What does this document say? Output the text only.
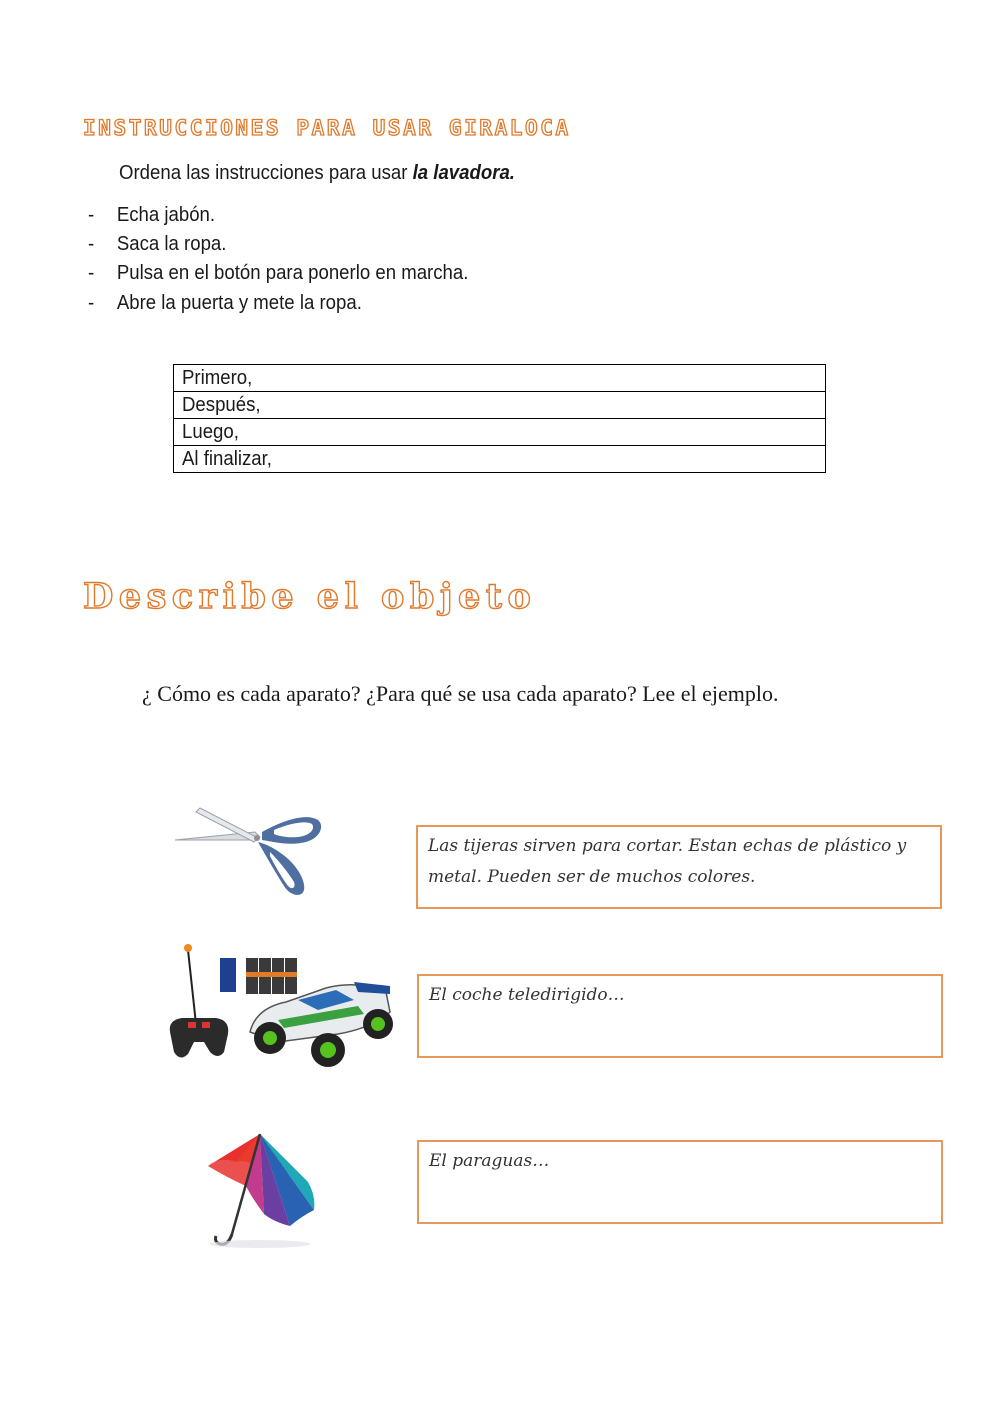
INSTRUCCIONES PARA USAR GIRALOCA
Ordena las instrucciones para usar la lavadora.
- Echa jabón.
- Saca la ropa.
- Pulsa en el botón para ponerlo en marcha.
- Abre la puerta y mete la ropa.
Primero,
Después,
Luego,
Al finalizar,
Describe el objeto
¿ Cómo es cada aparato? ¿Para qué se usa cada aparato? Lee el ejemplo.
Las tijeras sirven para cortar. Estan echas de plástico y metal. Pueden ser de muchos colores.
El coche teledirigido…
El paraguas…
